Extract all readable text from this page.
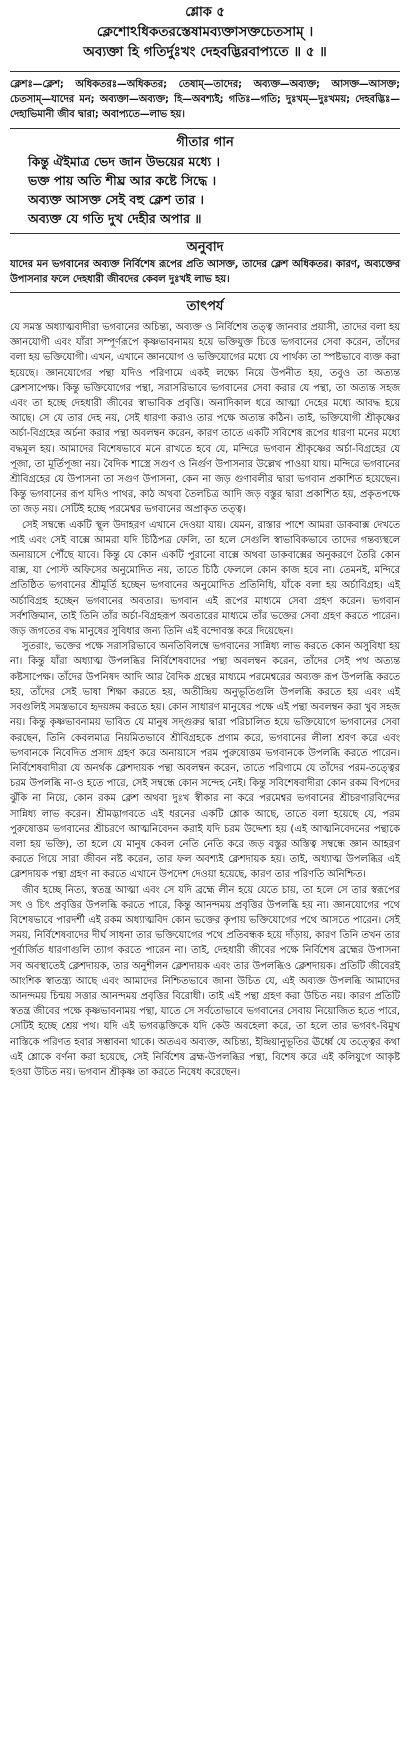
শ্লোক ৫
ক্লেশোঽধিকতরস্তেষামব্যক্তাসক্তচেতসাম্‌ ।
অব্যক্তা হি গতির্দুঃখং দেহবদ্ভিরবাপ্যতে ॥ ৫ ॥

ক্লেশঃ—ক্লেশ; অধিকতরঃ—অধিকতর; তেষাম্‌—তাদের; অব্যক্ত—অব্যক্ত; আসক্ত—আসক্ত; চেতসাম্‌—যাদের মন; অব্যক্তা—অব্যক্ত; হি—অবশ্যই; গতিঃ—গতি; দুঃখম্‌—দুঃখময়; দেহবদ্ভিঃ—দেহাভিমানী জীব দ্বারা; অবাপ্যতে—লাভ হয়।

গীতার গান
কিন্তু ঐইমাত্র ভেদ জান উভয়ের মধ্যে ।
ভক্ত পায় অতি শীঘ্র আর কষ্টে সিদ্ধে ।
অব্যক্ত আসক্ত সেই বহু ক্লেশ তার ।
অব্যক্ত যে গতি দুখ দেহীর অপার ॥
অনুবাদ

যাদের মন ভগবানের অব্যক্ত নির্বিশেষ রূপের প্রতি আসক্ত, তাদের ক্লেশ অধিকতর। কারণ, অব্যক্তের উপাসনার ফলে দেহধারী জীবদের কেবল দুঃখই লাভ হয়।

তাৎপর্য

যে সমস্ত অধ্যাত্মবাদীরা ভগবানের অচিন্ত্য, অব্যক্ত ও নির্বিশেষ তত্ত্ব জানবার প্রয়াসী, তাদের বলা হয় জ্ঞানযোগী এবং যাঁরা সম্পূর্ণরূপে কৃষ্ণভাবনাময় হয়ে ভক্তিযুক্ত চিত্তে ভগবানের সেবা করেন, তাঁদের বলা হয় ভক্তিযোগী। এখন, এখানে জ্ঞানযোগ ও ভক্তিযোগের মধ্যে যে পার্থক্য তা স্পষ্টভাবে ব্যক্ত করা হয়েছে। জ্ঞানযোগের পন্থা যদিও পরিণামে একই লক্ষ্যে নিয়ে উপনীত হয়, তবুও তা অত্যন্ত ক্লেশসাপেক্ষ। কিন্তু ভক্তিযোগের পন্থা, সরাসরিভাবে ভগবানের সেবা করার যে পন্থা, তা অত্যন্ত সহজ এবং তা হচ্ছে দেহধারী জীবের স্বাভাবিক প্রবৃত্তি। অনাদিকাল ধরে আত্মা দেহের মধ্যে আবদ্ধ হয়ে আছে। সে যে তার দেহ নয়, সেই ধারণা করাও তার পক্ষে অত্যন্ত কঠিন। তাই, ভক্তিযোগী শ্রীকৃষ্ণের অর্চা-বিগ্রহের অর্চনা করার পন্থা অবলম্বন করেন, কারণ তাতে একটি সবিশেষ রূপের ধারণা মনের মধ্যে বদ্ধমূল হয়। আমাদের বিশেষভাবে মনে রাখতে হবে যে, মন্দিরে ভগবান শ্রীকৃষ্ণের অর্চা-বিগ্রহের যে পূজা, তা মূর্তিপূজা নয়। বৈদিক শাস্ত্রে সগুণ ও নির্গুণ উপাসনার উল্লেখ পাওয়া যায়। মন্দিরে ভগবানের শ্রীবিগ্রহের যে উপাসনা তা সগুণ উপাসনা, কেন না জড় গুণাবলীর দ্বারা ভগবান প্রকাশিত হয়েছেন। কিন্তু ভগবানের রূপ যদিও পাথর, কাঠ অথবা তৈলচিত্র আদি জড় বস্তুর দ্বারা প্রকাশিত হয়, প্রকৃতপক্ষে তা জড় নয়। সেটিই হচ্ছে পরমেশ্বর ভগবানের অপ্রাকৃত তত্ত্ব।

সেই সম্বন্ধে একটি স্থূল উদাহরণ এখানে দেওয়া যায়। যেমন, রাস্তার পাশে আমরা ডাকবাক্স দেখতে পাই এবং সেই বাক্সে আমরা যদি চিঠিপত্র ফেলি, তা হলে সেগুলি স্বাভাবিকভাবে তাদের গন্তব্যস্থলে অনায়াসে পৌঁছে যাবে। কিন্তু যে কোন একটি পুরানো বাক্সে অথবা ডাকবাক্সের অনুকরণে তৈরি কোন বাক্স, যা পোস্ট অফিসের অনুমোদিত নয়, তাতে চিঠি ফেললে কোন কাজ হবে না। তেমনই, মন্দিরে প্রতিষ্ঠিত ভগবানের শ্রীমূর্তি হচ্ছেন ভগবানের অনুমোদিত প্রতিনিধি, যাঁকে বলা হয় অর্চাবিগ্রহ। এই অর্চাবিগ্রহ হচ্ছেন ভগবানের অবতার। ভগবান এই রূপের মাধ্যমে সেবা গ্রহণ করেন। ভগবান সর্বশক্তিমান, তাই তিনি তাঁর অর্চা-বিগ্রহরূপ অবতারের মাধ্যমে তাঁর ভক্তের সেবা গ্রহণ করতে পারেন। জড় জগতের বদ্ধ মানুষের সুবিধার জন্য তিনি এই বন্দোবস্ত করে দিয়েছেন।

সুতরাং, ভক্তের পক্ষে সরাসরিভাবে অনতিবিলম্বে ভগবানের সান্নিধ্য লাভ করতে কোন অসুবিধা হয় না। কিন্তু যাঁরা অধ্যাত্ম উপলব্ধির নির্বিশেষবাদের পন্থা অবলম্বন করেন, তাঁদের সেই পথ অত্যন্ত কষ্টসাপেক্ষ। তাঁদের উপনিষদ আদি আর বৈদিক গ্রন্থের মাধ্যমে পরমেশ্বরের অব্যক্ত রূপ উপলব্ধি করতে হয়, তাঁদের সেই ভাষা শিক্ষা করতে হয়, অতীন্দ্রিয় অনুভূতিগুলি উপলব্ধি করতে হয় এবং এই সবগুলিই সমস্তভাবে হৃদয়ঙ্গম করতে হয়। কোন সাধারণ মানুষের পক্ষে এই পন্থা অবলম্বন করা খুব সহজ নয়। কিন্তু কৃষ্ণভাবনাময় ভাবিত যে মানুষ সদ্গুরুর দ্বারা পরিচালিত হয়ে ভক্তিযোগে ভগবানের সেবা করছেন, তিনি কেবলমাত্র নিয়মিতভাবে শ্রীবিগ্রহকে প্রণাম করে, ভগবানের লীলা শ্রবণ করে এবং ভগবানকে নিবেদিত প্রসাদ গ্রহণ করে অনায়াসে পরম পুরুষোত্তম ভগবানকে উপলব্ধি করতে পারেন। নির্বিশেষবাদীরা যে অনর্থক ক্লেশদায়ক পন্থা অবলম্বন করেন, তাতে পরিণামে যে তাঁদের পরম-তত্ত্বের চরম উপলব্ধি না-ও হতে পারে, সেই সম্বন্ধে কোন সন্দেহ নেই। কিন্তু সবিশেষবাদীরা কোন রকম বিপদের ঝুঁকি না নিয়ে, কোন রকম ক্লেশ অথবা দুঃখ স্বীকার না করে পরমেশ্বর ভগবানের শ্রীচরণারবিন্দের সান্নিধ্য লাভ করেন। শ্রীমদ্ভাগবতে এই ধরনের একটি শ্লোক আছে, তাতে বলা হয়েছে যে, পরম পুরুষোত্তম ভগবানের শ্রীচরণে আত্মনিবেদন করাই যদি চরম উদ্দেশ্য হয় (এই আত্মনিবেদনের পন্থাকে বলা হয় ভক্তি), তা হলে যে মানুষ কেবল নেতি নেতি করে জড় বস্তুর অস্তিত্ব সম্বন্ধে জ্ঞান আহরণ করতে গিয়ে সারা জীবন নষ্ট করেন, তার ফল অবশ্যই ক্লেশদায়ক হয়। তাই, অধ্যাত্ম উপলব্ধির এই ক্লেশদায়ক পন্থা গ্রহণ না করতে এখানে উপদেশ দেওয়া হয়েছে, কারণ তার পরিণতি অনিশ্চিত।

জীব হচ্ছে নিত্য, স্বতন্ত্র আত্মা এবং সে যদি ব্রহ্মে লীন হয়ে যেতে চায়, তা হলে সে তার স্বরূপের সৎ ও চিৎ প্রবৃত্তির উপলব্ধি করতে পারে, কিন্তু আনন্দময় প্রবৃত্তির উপলব্ধি হয় না। জ্ঞানযোগের পথে বিশেষভাবে পারদর্শী এই রকম অধ্যাত্মবিদ কোন ভক্তের কৃপায় ভক্তিযোগের পথে আসতে পারেন। সেই সময়, নির্বিশেষবাদের দীর্ঘ সাধনা তার ভক্তিযোগের পথে প্রতিবন্ধক হয়ে দাঁড়ায়, কারণ তিনি তখন তার পূর্বার্জিত ধারণাগুলি ত্যাগ করতে পারেন না। তাই, দেহধারী জীবের পক্ষে নির্বিশেষ ব্রহ্মের উপাসনা সব অবস্থাতেই ক্লেশদায়ক, তার অনুশীলন ক্লেশদায়ক এবং তার উপলব্ধিও ক্লেশদায়ক। প্রতিটি জীবেরই আংশিক স্বাতন্ত্র্য আছে এবং আমাদের নিশ্চিতভাবে জানা উচিত যে, এই অব্যক্ত উপলব্ধি আমাদের আনন্দময় চিন্ময় সত্তার আনন্দময় প্রবৃত্তির বিরোধী। তাই এই পন্থা গ্রহণ করা উচিত নয়। কারণ প্রতিটি স্বতন্ত্র জীবের পক্ষে কৃষ্ণভাবনাময় পন্থা, যাতে সে সর্বতোভাবে ভগবানের সেবায় নিয়োজিত হতে পারে, সেটিই হচ্ছে শ্রেয় পথ। যদি এই ভগবদ্ভক্তিকে যদি কেউ অবহেলা করে, তা হলে তার ভগবৎ-বিমুখ নাস্তিকে পরিণত হবার সম্ভাবনা থাকে। অতএব অব্যক্ত, অচিন্ত্য, ইন্দ্রিয়ানুভূতির ঊর্ধ্বে যে তত্ত্বের কথা এই শ্লোকে বর্ণনা করা হয়েছে, সেই নির্বিশেষ ব্রহ্ম-উপলব্ধির পন্থা, বিশেষ করে এই কলিযুগে আকৃষ্ট হওয়া উচিত নয়। ভগবান শ্রীকৃষ্ণ তা করতে নিষেধ করেছেন।
